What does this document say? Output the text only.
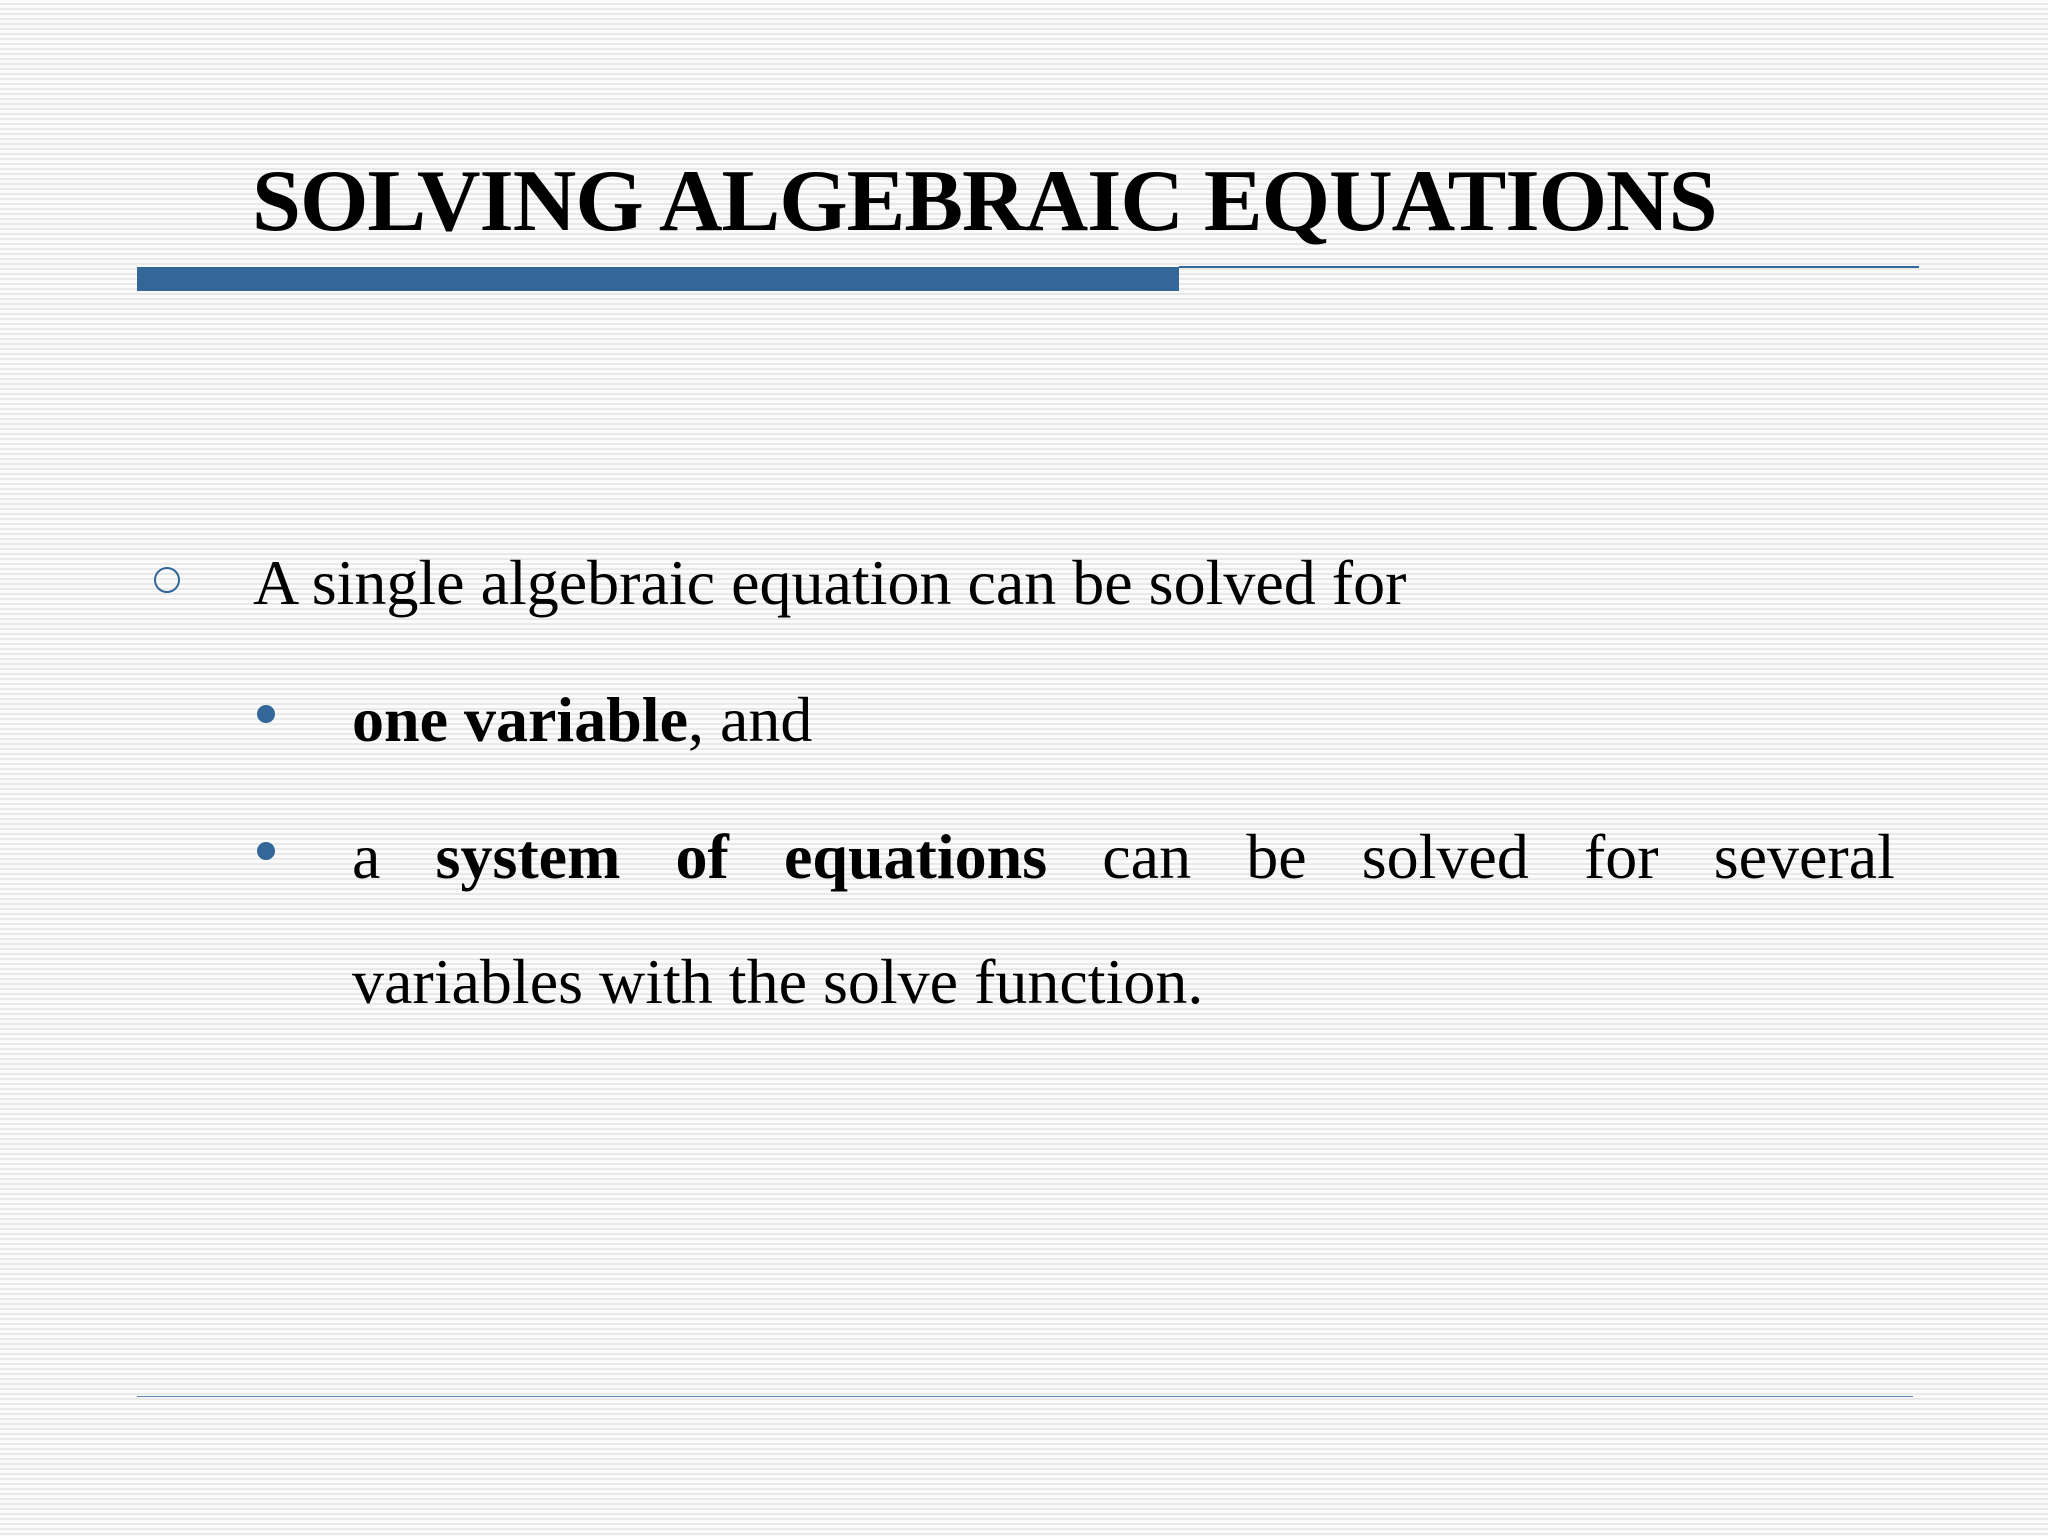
SOLVING ALGEBRAIC EQUATIONS
A single algebraic equation can be solved for
one variable, and
a system of equations can be solved for several
variables with the solve function.
